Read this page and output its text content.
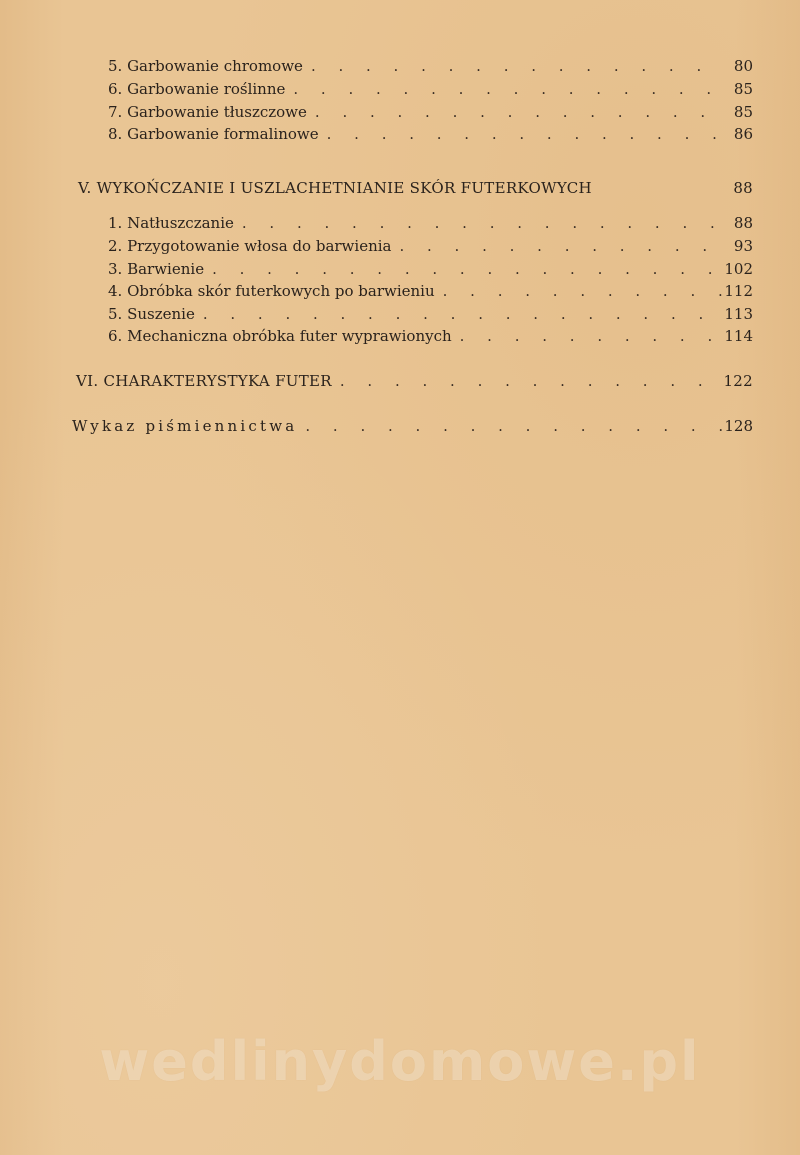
5. Garbowanie chromowe . . .	80
6. Garbowanie roślinne . . .	85
7. Garbowanie tłuszczowe . . .	85
8. Garbowanie formalinowe . . .	86
V. WYKOŃCZANIE I USZLACHETNIANIE SKÓR FUTERKOWYCH	88
1. Natłuszczanie . . .	88
2. Przygotowanie włosa do barwienia . . .	93
3. Barwienie . . .	102
4. Obróbka skór futerkowych po barwieniu . . .	112
5. Suszenie . . .	113
6. Mechaniczna obróbka futer wyprawionych . . .	114
VI. CHARAKTERYSTYKA FUTER . . .	122
Wykaz piśmiennictwa . . .	128
wedlinydomowe.pl
